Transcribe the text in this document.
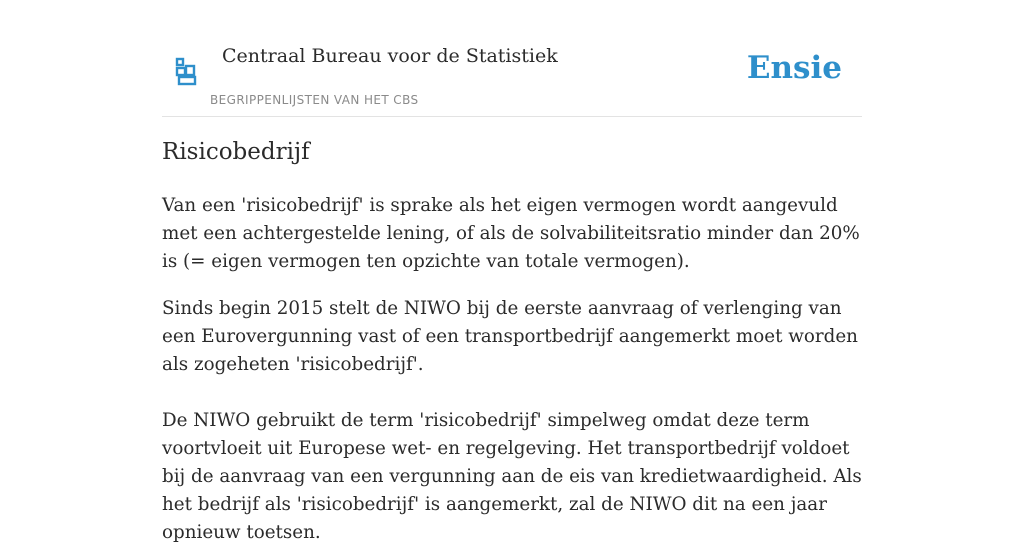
Centraal Bureau voor de Statistiek
BEGRIPPENLIJSTEN VAN HET CBS
Ensie
Risicobedrijf

Van een 'risicobedrijf' is sprake als het eigen vermogen wordt aangevuld met een achtergestelde lening, of als de solvabiliteitsratio minder dan 20% is (= eigen vermogen ten opzichte van totale vermogen).

Sinds begin 2015 stelt de NIWO bij de eerste aanvraag of verlenging van een Eurovergunning vast of een transportbedrijf aangemerkt moet worden als zogeheten 'risicobedrijf'.

De NIWO gebruikt de term 'risicobedrijf' simpelweg omdat deze term voortvloeit uit Europese wet- en regelgeving. Het transportbedrijf voldoet bij de aanvraag van een vergunning aan de eis van kredietwaardigheid. Als het bedrijf als 'risicobedrijf' is aangemerkt, zal de NIWO dit na een jaar opnieuw toetsen.
